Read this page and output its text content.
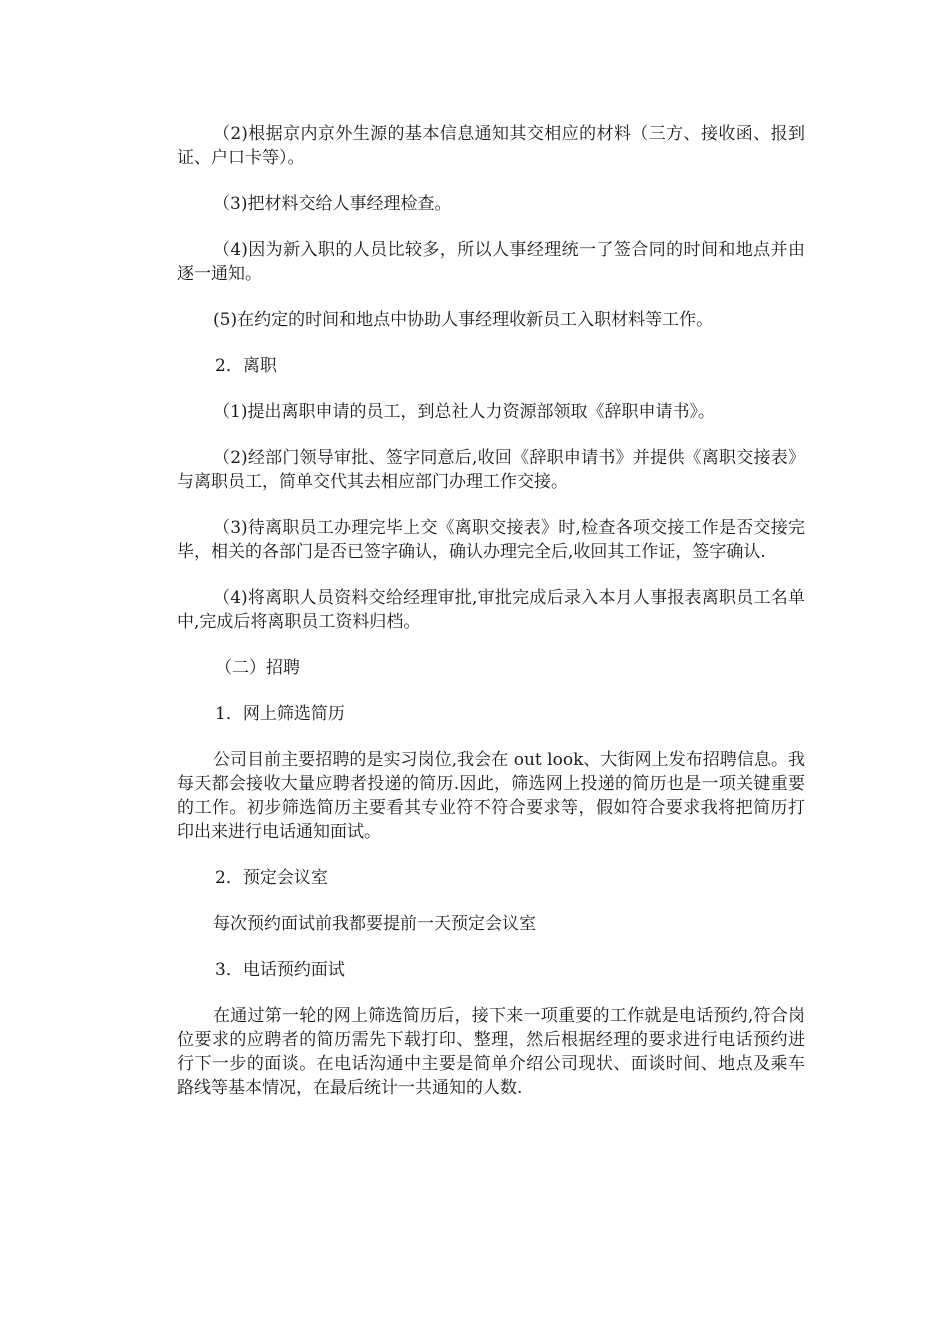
（2)根据京内京外生源的基本信息通知其交相应的材料（三方、接收函、报到证、户口卡等）。

（3)把材料交给人事经理检查。

（4)因为新入职的人员比较多，所以人事经理统一了签合同的时间和地点并由逐一通知。

(5)在约定的时间和地点中协助人事经理收新员工入职材料等工作。

2．离职

（1)提出离职申请的员工，到总社人力资源部领取《辞职申请书》。

（2)经部门领导审批、签字同意后,收回《辞职申请书》并提供《离职交接表》与离职员工，简单交代其去相应部门办理工作交接。

（3)待离职员工办理完毕上交《离职交接表》时,检查各项交接工作是否交接完毕，相关的各部门是否已签字确认，确认办理完全后,收回其工作证，签字确认.

（4)将离职人员资料交给经理审批,审批完成后录入本月人事报表离职员工名单中,完成后将离职员工资料归档。

（二）招聘

1．网上筛选简历

公司目前主要招聘的是实习岗位,我会在 out look、大街网上发布招聘信息。我每天都会接收大量应聘者投递的简历.因此，筛选网上投递的简历也是一项关键重要的工作。初步筛选简历主要看其专业符不符合要求等，假如符合要求我将把简历打印出来进行电话通知面试。

2．预定会议室

每次预约面试前我都要提前一天预定会议室

3．电话预约面试

在通过第一轮的网上筛选简历后，接下来一项重要的工作就是电话预约,符合岗位要求的应聘者的简历需先下载打印、整理，然后根据经理的要求进行电话预约进行下一步的面谈。在电话沟通中主要是简单介绍公司现状、面谈时间、地点及乘车路线等基本情况，在最后统计一共通知的人数.
